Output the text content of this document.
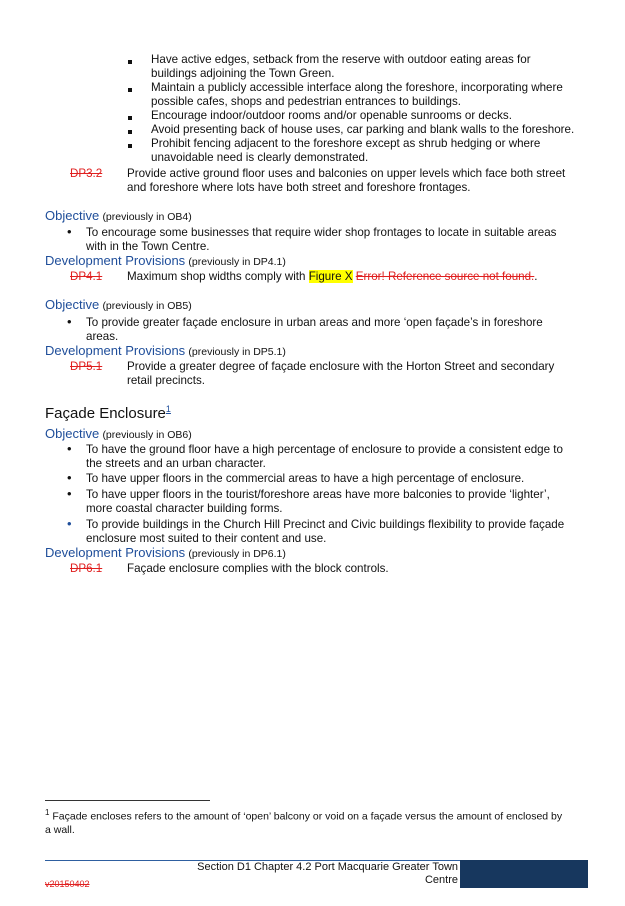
Have active edges, setback from the reserve with outdoor eating areas for
buildings adjoining the Town Green.
Maintain a publicly accessible interface along the foreshore, incorporating where
possible cafes, shops and pedestrian entrances to buildings.
Encourage indoor/outdoor rooms and/or openable sunrooms or decks.
Avoid presenting back of house uses, car parking and blank walls to the foreshore.
Prohibit fencing adjacent to the foreshore except as shrub hedging or where
unavoidable need is clearly demonstrated.
DP3.2 Provide active ground floor uses and balconies on upper levels which face both street
and foreshore where lots have both street and foreshore frontages.
Objective (previously in OB4)
• To encourage some businesses that require wider shop frontages to locate in suitable areas
with in the Town Centre.
Development Provisions (previously in DP4.1)
DP4.1 Maximum shop widths comply with Figure X Error! Reference source not found..
Objective (previously in OB5)
• To provide greater façade enclosure in urban areas and more ‘open façade’s in foreshore
areas.
Development Provisions (previously in DP5.1)
DP5.1 Provide a greater degree of façade enclosure with the Horton Street and secondary
retail precincts.
Façade Enclosure$^1$
Objective (previously in OB6)
• To have the ground floor have a high percentage of enclosure to provide a consistent edge to
the streets and an urban character.
• To have upper floors in the commercial areas to have a high percentage of enclosure.
• To have upper floors in the tourist/foreshore areas have more balconies to provide ‘lighter’,
more coastal character building forms.
• To provide buildings in the Church Hill Precinct and Civic buildings flexibility to provide façade
enclosure most suited to their content and use.
Development Provisions (previously in DP6.1)
DP6.1 Façade enclosure complies with the block controls.
$^1$ Façade encloses refers to the amount of ‘open’ balcony or void on a façade versus the amount of enclosed by
a wall.
Section D1 Chapter 4.2 Port Macquarie Greater Town
Centre
v20150402
